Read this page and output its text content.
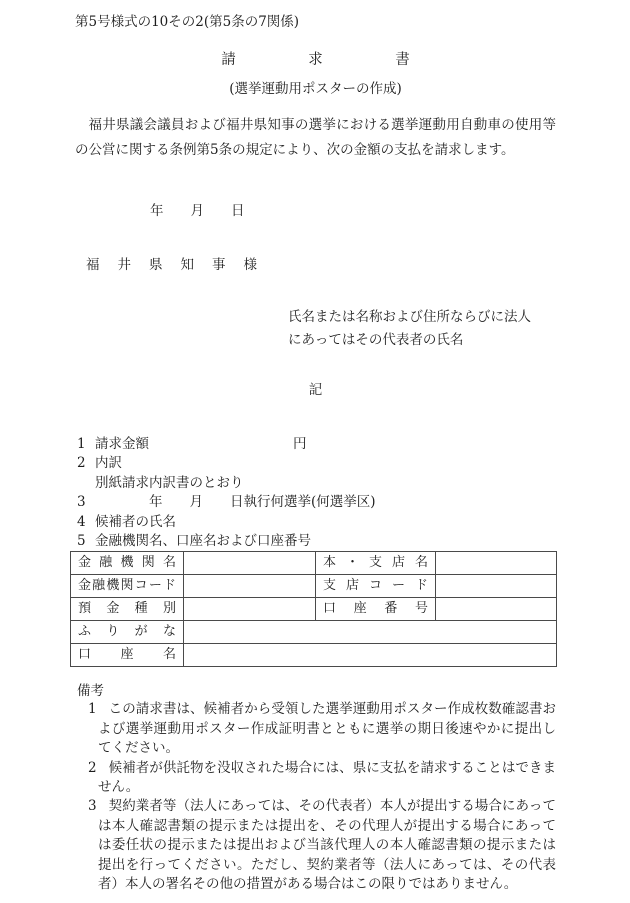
第5号様式の10その2(第5条の7関係)
請　　　　　求　　　　　書
(選挙運動用ポスターの作成)

福井県議会議員および福井県知事の選挙における選挙運動用自動車の使用等の公営に関する条例第5条の規定により、次の金額の支払を請求します。

年　　月　　日
福井県知事様
氏名または名称および住所ならびに法人
にあってはその代表者の氏名
記
1 請求金額	円
2 内訳
別紙請求内訳書のとおり
3　　　　年　　月　　日執行何選挙(何選挙区)
4 候補者の氏名
5 金融機関名、口座名および口座番号
金融機関名		本・支店名	
金融機関コード		支店コード	
預金種別		口座番号	
ふりがな			
口座名			
備考

1 この請求書は、候補者から受領した選挙運動用ポスター作成枚数確認書および選挙運動用ポスター作成証明書とともに選挙の期日後速やかに提出してください。

2 候補者が供託物を没収された場合には、県に支払を請求することはできません。

3 契約業者等（法人にあっては、その代表者）本人が提出する場合にあっては本人確認書類の提示または提出を、その代理人が提出する場合にあっては委任状の提示または提出および当該代理人の本人確認書類の提示または提出を行ってください。ただし、契約業者等（法人にあっては、その代表者）本人の署名その他の措置がある場合はこの限りではありません。
